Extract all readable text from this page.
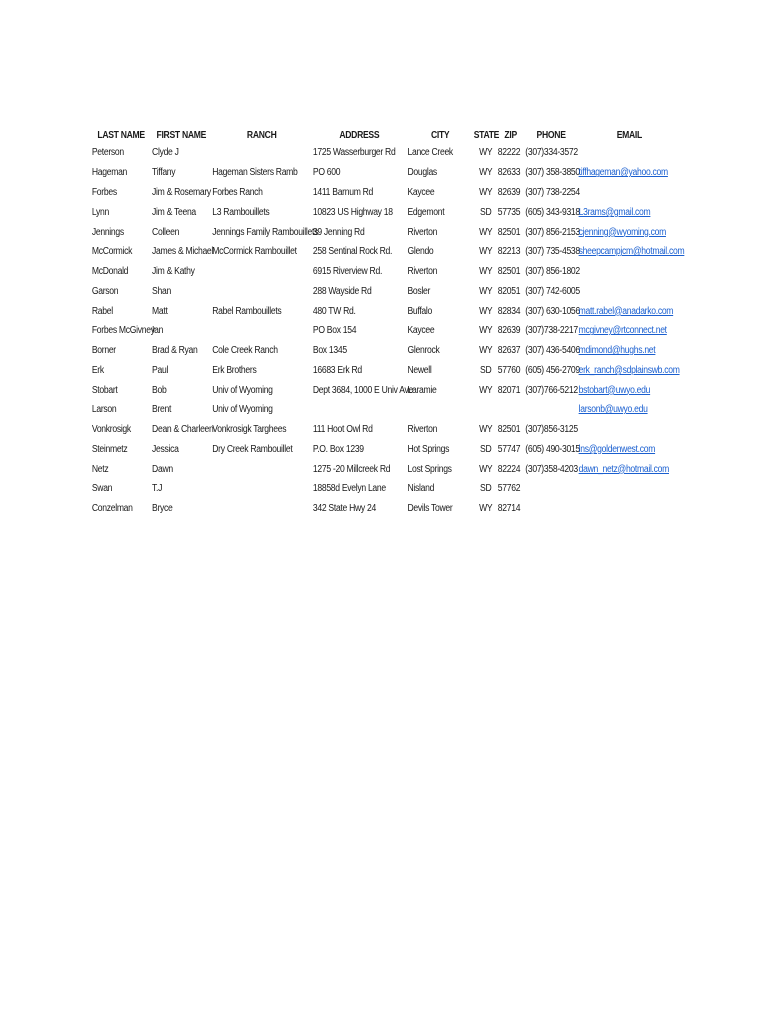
LAST NAME	FIRST NAME	RANCH	ADDRESS	CITY	STATE	ZIP	PHONE	EMAIL
Peterson	Clyde J		1725 Wasserburger Rd	Lance Creek	WY	82222	(307)334-3572	
Hageman	Tiffany	Hageman Sisters Ramb	PO 600	Douglas	WY	82633	(307) 358-3850	tiffhageman@yahoo.com
Forbes	Jim & Rosemary	Forbes Ranch	1411 Barnum Rd	Kaycee	WY	82639	(307) 738-2254	
Lynn	Jim & Teena	L3 Rambouillets	10823 US Highway 18	Edgemont	SD	57735	(605) 343-9318	L3rams@gmail.com
Jennings	Colleen	Jennings Family Rambouillets	39 Jenning Rd	Riverton	WY	82501	(307) 856-2153	cjenning@wyoming.com
McCormick	James & Michael	McCormick Rambouillet	258 Sentinal Rock Rd.	Glendo	WY	82213	(307) 735-4538	sheepcampjcm@hotmail.com
McDonald	Jim & Kathy		6915 Riverview Rd.	Riverton	WY	82501	(307) 856-1802	
Garson	Shan		288 Wayside Rd	Bosler	WY	82051	(307) 742-6005	
Rabel	Matt	Rabel Rambouillets	480 TW Rd.	Buffalo	WY	82834	(307) 630-1056	matt.rabel@anadarko.com
Forbes McGivney	Ian		PO Box 154	Kaycee	WY	82639	(307)738-2217	mcgivney@rtconnect.net
Borner	Brad & Ryan	Cole Creek Ranch	Box 1345	Glenrock	WY	82637	(307) 436-5406	mdimond@hughs.net
Erk	Paul	Erk Brothers	16683 Erk Rd	Newell	SD	57760	(605) 456-2709	erk_ranch@sdplainswb.com
Stobart	Bob	Univ of Wyoming	Dept 3684, 1000 E Univ Ave	Laramie	WY	82071	(307)766-5212	bstobart@uwyo.edu
Larson	Brent	Univ of Wyoming						larsonb@uwyo.edu
Vonkrosigk	Dean & Charleen	Vonkrosigk Targhees	111 Hoot Owl Rd	Riverton	WY	82501	(307)856-3125	
Steinmetz	Jessica	Dry Creek Rambouillet	P.O. Box 1239	Hot Springs	SD	57747	(605) 490-3015	lns@goldenwest.com
Netz	Dawn		1275 -20 Millcreek Rd	Lost Springs	WY	82224	(307)358-4203	dawn_netz@hotmail.com
Swan	T.J		18858d Evelyn Lane	Nisland	SD	57762		
Conzelman	Bryce		342 State Hwy 24	Devils Tower	WY	82714		
